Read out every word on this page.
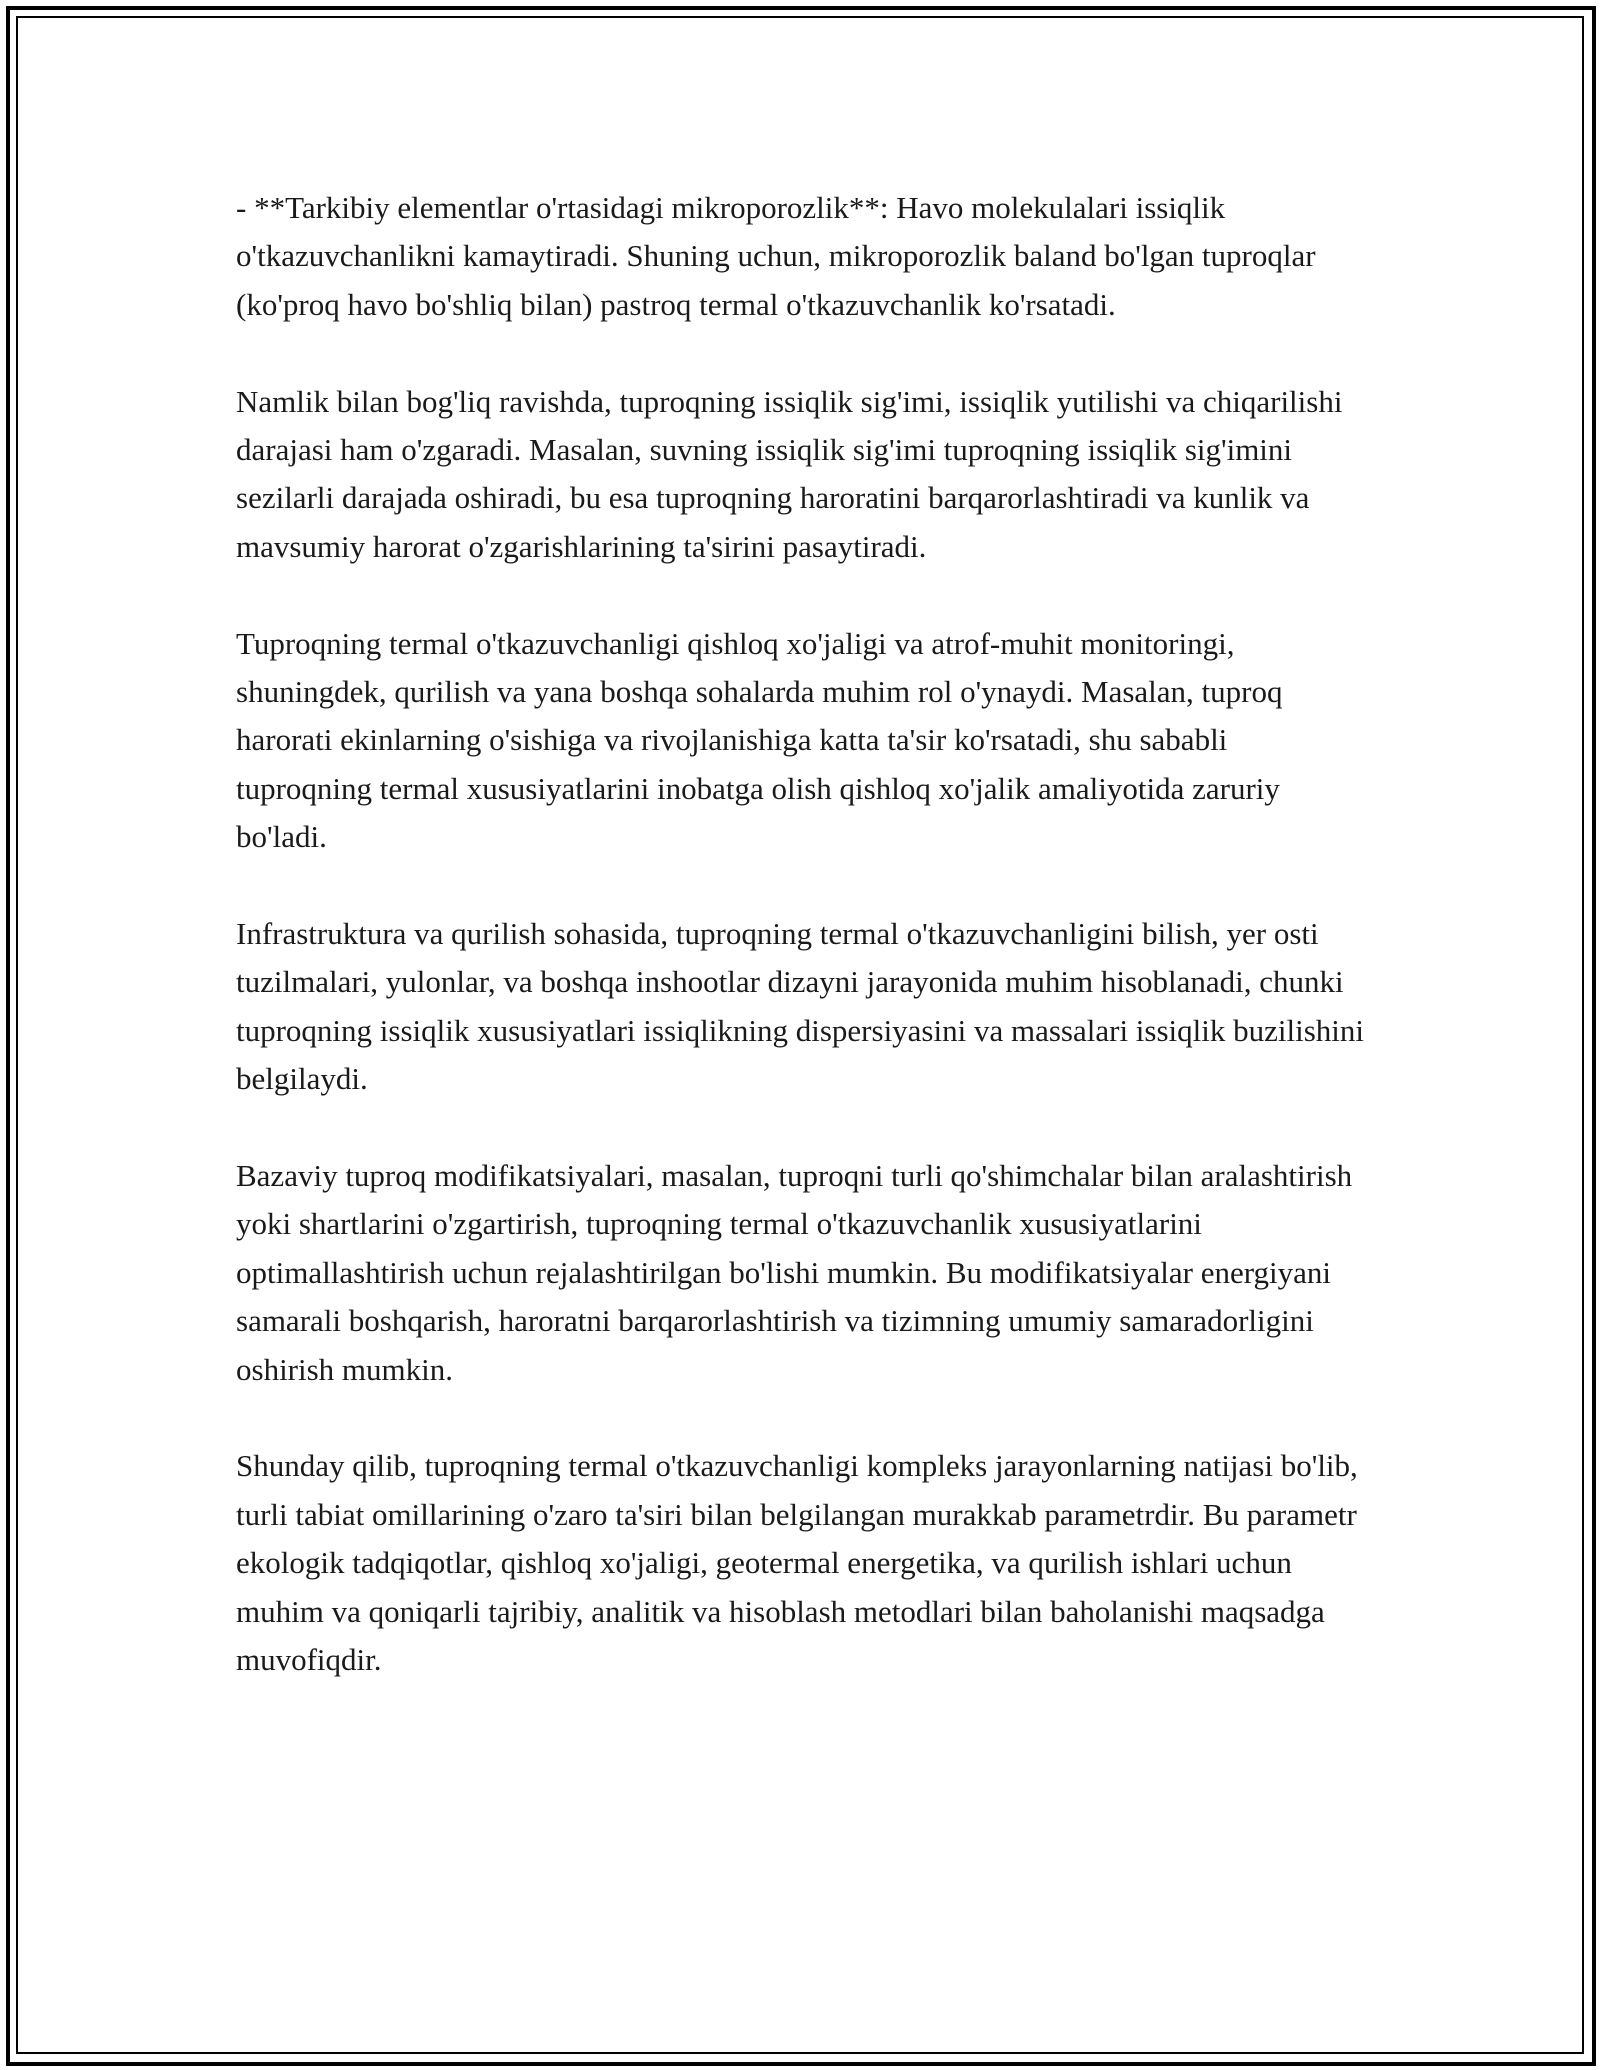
- **Tarkibiy elementlar o'rtasidagi mikroporozlik**: Havo molekulalari issiqlik o'tkazuvchanlikni kamaytiradi. Shuning uchun, mikroporozlik baland bo'lgan tuproqlar (ko'proq havo bo'shliq bilan) pastroq termal o'tkazuvchanlik ko'rsatadi.

Namlik bilan bog'liq ravishda, tuproqning issiqlik sig'imi, issiqlik yutilishi va chiqarilishi darajasi ham o'zgaradi. Masalan, suvning issiqlik sig'imi tuproqning issiqlik sig'imini sezilarli darajada oshiradi, bu esa tuproqning haroratini barqarorlashtiradi va kunlik va mavsumiy harorat o'zgarishlarining ta'sirini pasaytiradi.

Tuproqning termal o'tkazuvchanligi qishloq xo'jaligi va atrof-muhit monitoringi, shuningdek, qurilish va yana boshqa sohalarda muhim rol o'ynaydi. Masalan, tuproq harorati ekinlarning o'sishiga va rivojlanishiga katta ta'sir ko'rsatadi, shu sababli tuproqning termal xususiyatlarini inobatga olish qishloq xo'jalik amaliyotida zaruriy bo'ladi.

Infrastruktura va qurilish sohasida, tuproqning termal o'tkazuvchanligini bilish, yer osti tuzilmalari, yulonlar, va boshqa inshootlar dizayni jarayonida muhim hisoblanadi, chunki tuproqning issiqlik xususiyatlari issiqlikning dispersiyasini va massalari issiqlik buzilishini belgilaydi.

Bazaviy tuproq modifikatsiyalari, masalan, tuproqni turli qo'shimchalar bilan aralashtirish yoki shartlarini o'zgartirish, tuproqning termal o'tkazuvchanlik xususiyatlarini optimallashtirish uchun rejalashtirilgan bo'lishi mumkin. Bu modifikatsiyalar energiyani samarali boshqarish, haroratni barqarorlashtirish va tizimning umumiy samaradorligini oshirish mumkin.

Shunday qilib, tuproqning termal o'tkazuvchanligi kompleks jarayonlarning natijasi bo'lib, turli tabiat omillarining o'zaro ta'siri bilan belgilangan murakkab parametrdir. Bu parametr ekologik tadqiqotlar, qishloq xo'jaligi, geotermal energetika, va qurilish ishlari uchun muhim va qoniqarli tajribiy, analitik va hisoblash metodlari bilan baholanishi maqsadga muvofiqdir.
